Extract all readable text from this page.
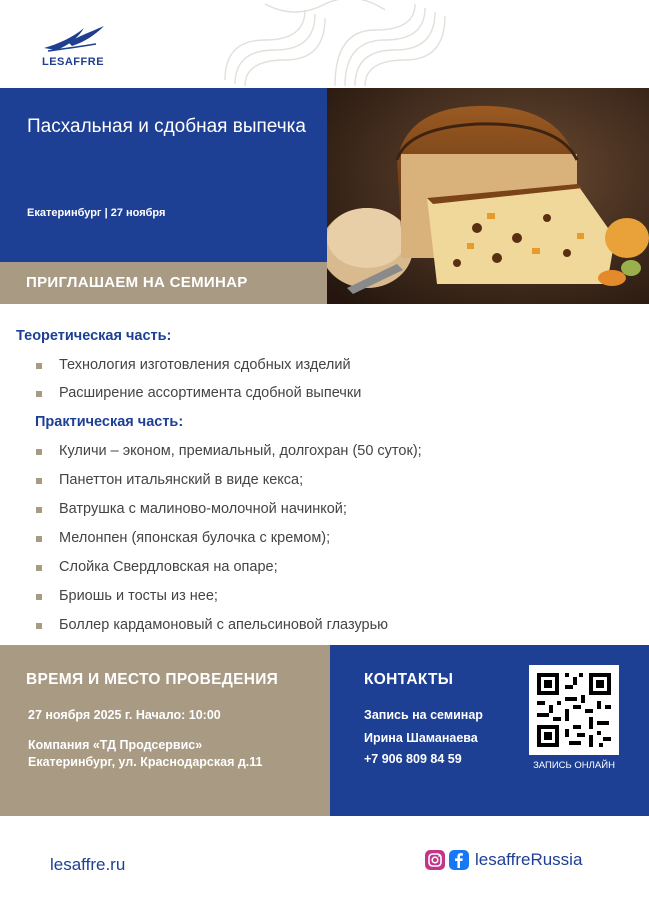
LESAFFRE
Пасхальная и сдобная выпечка
Екатеринбург | 27 ноября
ПРИГЛАШАЕМ НА СЕМИНАР
Теоретическая часть:
Технология изготовления сдобных изделий
Расширение ассортимента сдобной выпечки
Практическая часть:
Куличи – эконом, премиальный, долгохран (50 суток);
Панеттон итальянский в виде кекса;
Ватрушка с малиново-молочной начинкой;
Мелонпен (японская булочка с кремом);
Слойка Свердловская на опаре;
Бриошь и тосты из нее;
Боллер кардамоновый с апельсиновой глазурью
ВРЕМЯ И МЕСТО ПРОВЕДЕНИЯ
27 ноября 2025 г. Начало: 10:00
Компания «ТД Продсервис»
Екатеринбург, ул. Краснодарская д.11
КОНТАКТЫ
Запись на семинар
Ирина Шаманаева
+7 906 809 84 59	ЗАПИСЬ ОНЛАЙН
lesaffre.ru	lesaffreRussia
